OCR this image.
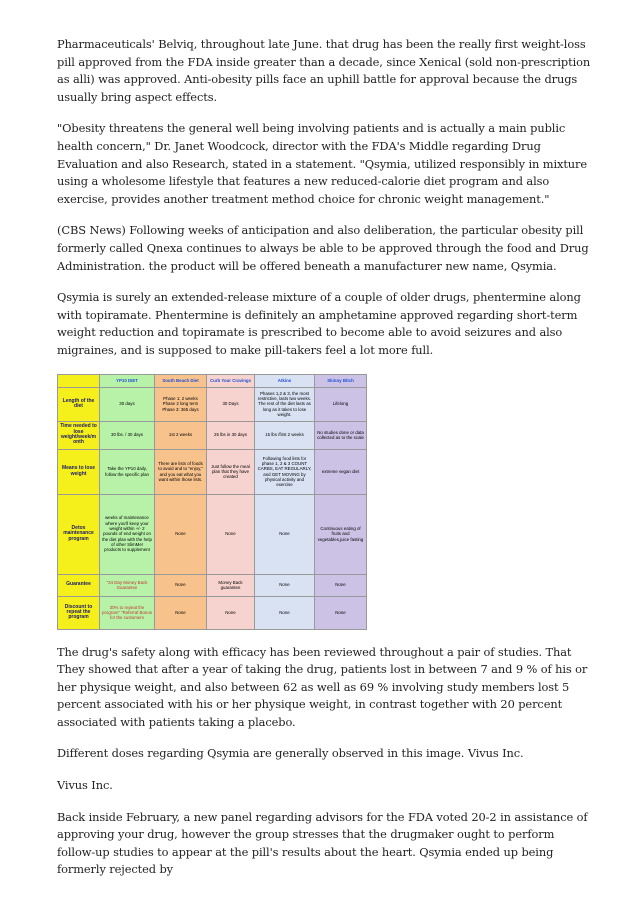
Pharmaceuticals' Belviq, throughout late June. that drug has been the really first weight-loss pill approved from the FDA inside greater than a decade, since Xenical (sold non-prescription as alli) was approved. Anti-obesity pills face an uphill battle for approval because the drugs usually bring aspect effects.

"Obesity threatens the general well being involving patients and is actually a main public health concern," Dr. Janet Woodcock, director with the FDA's Middle regarding Drug Evaluation and also Research, stated in a statement. "Qsymia, utilized responsibly in mixture using a wholesome lifestyle that features a new reduced-calorie diet program and also exercise, provides another treatment method choice for chronic weight management."

(CBS News) Following weeks of anticipation and also deliberation, the particular obesity pill formerly called Qnexa continues to always be able to be approved through the food and Drug Administration. the product will be offered beneath a manufacturer new name, Qsymia.

Qsymia is surely an extended-release mixture of a couple of older drugs, phentermine along with topiramate. Phentermine is definitely an amphetamine approved regarding short-term weight reduction and topiramate is prescribed to become able to avoid seizures and also migraines, and is supposed to make pill-takers feel a lot more full.

	YP10 DIET	South Beach Diet	Curb Your Cravings	Atkins	Skinny Bitch
Length of the diet	30 days	Phase 1: 2 weeks Phase 2 long term Phase 3: 365 days	30 Days	Phases 1,2 & 3, the most restrictive, lasts two weeks. The rest of the diet lasts as long as it takes to lose weight.	Lifelong
Time needed to lose weight/week/month	30 lbs. / 30 days	1st 2 weeks	25 lbs in 30 days	15 lbs /first 2 weeks	No studies done or data collected as to the scale
Means to lose weight	Take the YP10 daily, follow the specific plan	There are lists of foods to avoid and to "enjoy," and you eat what you want within those lists.	Just follow the meal plan that they have created	Following food lists for phase 1, 2 & 3 COUNT CARBS, EAT REGULARLY, and GET MOVING by physical activity and exercise	extreme vegan diet
Detox maintenance program	weeks of maintenance where you'll keep your weight within +/- 2 pounds of end weight on the diet plan with the help of other SlimMe! products to supplement	None	None	None	Continuous eating of fruits and vegetables,juice fasting
Guarantee	"34 Day Money Back Guarantee	None	Money Back guarantee	None	None
Discount to repeat the program	30% to repeat the program" "Referral Bonus for the customers	None	None	None	None

The drug's safety along with efficacy has been reviewed throughout a pair of studies. That They showed that after a year of taking the drug, patients lost in between 7 and 9 % of his or her physique weight, and also between 62 as well as 69 % involving study members lost 5 percent associated with his or her physique weight, in contrast together with 20 percent associated with patients taking a placebo.

Different doses regarding Qsymia are generally observed in this image. Vivus Inc.

Vivus Inc.

Back inside February, a new panel regarding advisors for the FDA voted 20-2 in assistance of approving your drug, however the group stresses that the drugmaker ought to perform follow-up studies to appear at the pill's results about the heart. Qsymia ended up being formerly rejected by
